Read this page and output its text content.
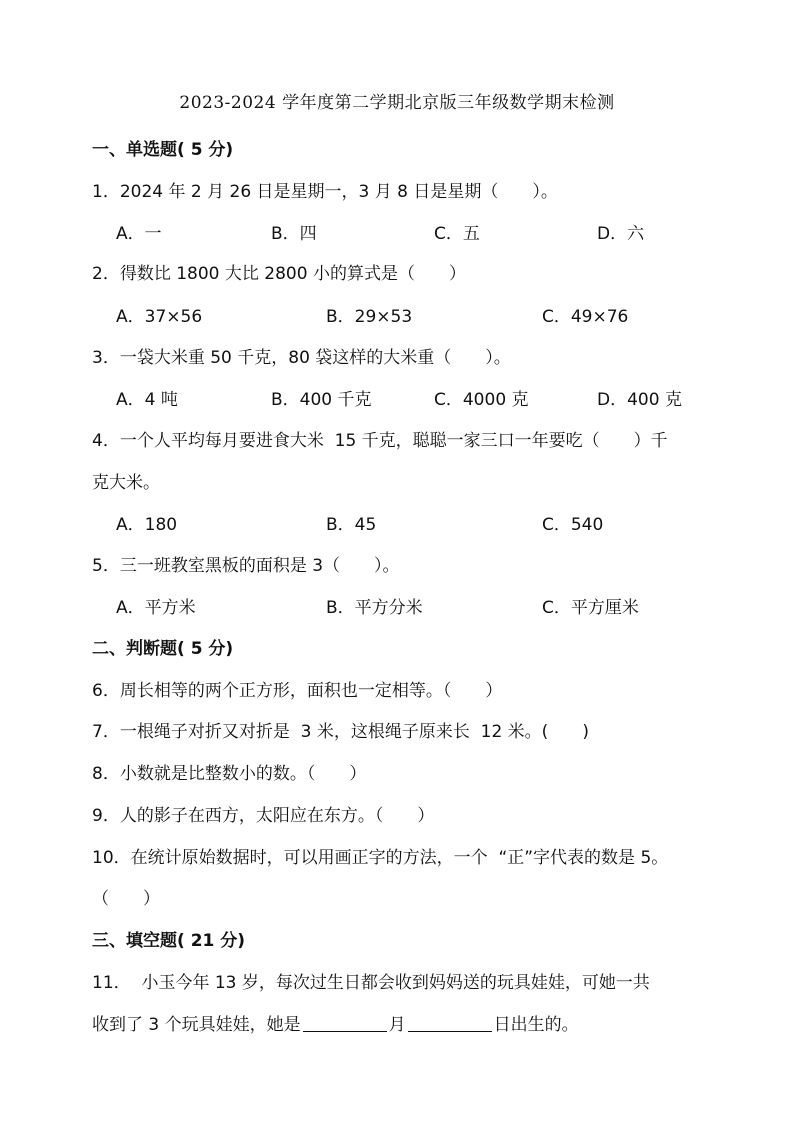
2023-2024 学年度第二学期北京版三年级数学期末检测
一、单选题( 5 分)
1．2024 年 2 月 26 日是星期一，3 月 8 日是星期（　　）。
A．一	B．四	C．五	D．六
2．得数比 1800 大比 2800 小的算式是（　　）
A．37×56	B．29×53	C．49×76
3．一袋大米重 50 千克，80 袋这样的大米重（　　）。
A．4 吨	B．400 千克	C．4000 克	D．400 克
4．一个人平均每月要进食大米  15 千克，聪聪一家三口一年要吃（　　）千
克大米。
A．180	B．45	C．540
5．三一班教室黑板的面积是 3（　　）。
A．平方米	B．平方分米	C．平方厘米
二、判断题( 5 分)
6．周长相等的两个正方形，面积也一定相等。（　　）
7．一根绳子对折又对折是  3 米，这根绳子原来长  12 米。(　　)
8．小数就是比整数小的数。（　　）
9．人的影子在西方，太阳应在东方。（　　）
10．在统计原始数据时，可以用画正字的方法，一个  “正”字代表的数是 5。
（　　）
三、填空题( 21 分)
11．  小玉今年 13 岁，每次过生日都会收到妈妈送的玩具娃娃，可她一共
收到了 3 个玩具娃娃，她是	月	日出生的。
